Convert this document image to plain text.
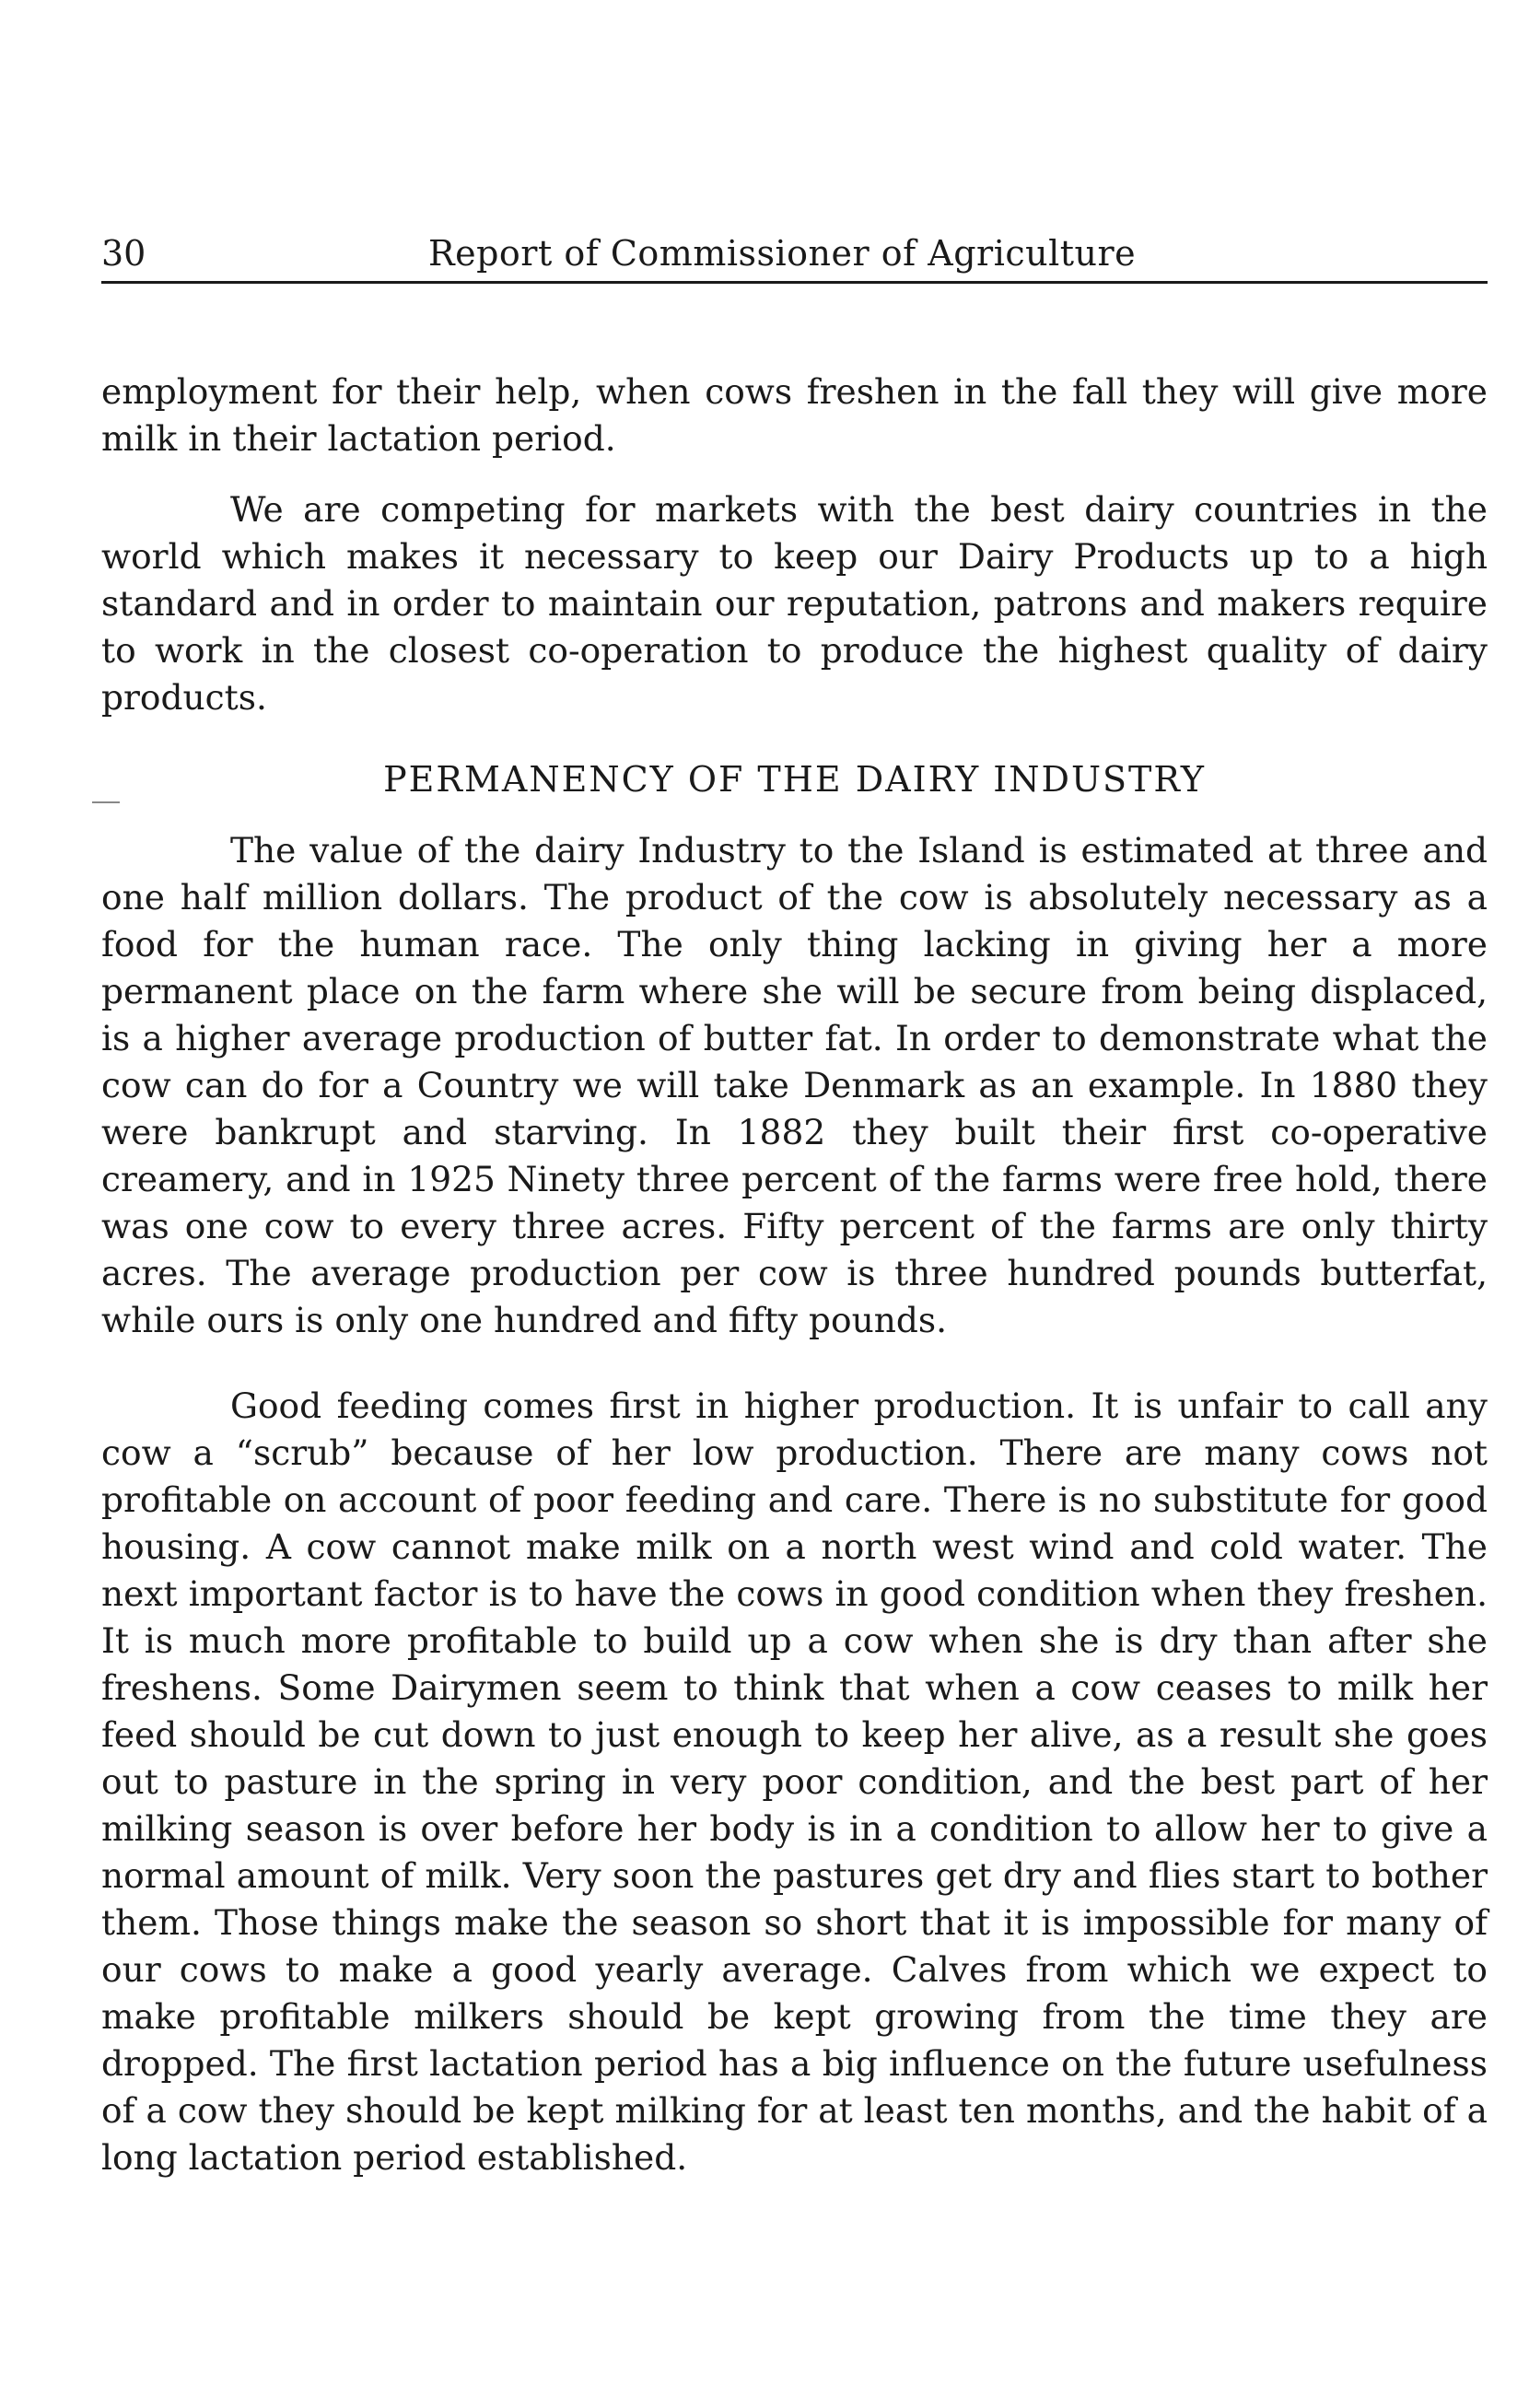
30	Report of Commissioner of Agriculture

employment for their help, when cows freshen in the fall they will give more milk in their lactation period.

We are competing for markets with the best dairy countries in the world which makes it necessary to keep our Dairy Products up to a high standard and in order to maintain our reputation, patrons and makers require to work in the closest co-operation to produce the highest quality of dairy products.

PERMANENCY OF THE DAIRY INDUSTRY

The value of the dairy Industry to the Island is estimated at three and one half million dollars. The product of the cow is absolutely necessary as a food for the human race. The only thing lacking in giving her a more permanent place on the farm where she will be secure from being displaced, is a higher average production of butter fat. In order to demonstrate what the cow can do for a Country we will take Denmark as an example. In 1880 they were bankrupt and starving. In 1882 they built their first co-operative creamery, and in 1925 Ninety three percent of the farms were free hold, there was one cow to every three acres. Fifty percent of the farms are only thirty acres. The average production per cow is three hundred pounds butterfat, while ours is only one hundred and fifty pounds.

Good feeding comes first in higher production. It is unfair to call any cow a “scrub” because of her low production. There are many cows not profitable on account of poor feeding and care. There is no substitute for good housing. A cow cannot make milk on a north west wind and cold water. The next important factor is to have the cows in good condition when they freshen. It is much more profitable to build up a cow when she is dry than after she freshens. Some Dairymen seem to think that when a cow ceases to milk her feed should be cut down to just enough to keep her alive, as a result she goes out to pasture in the spring in very poor condition, and the best part of her milking season is over before her body is in a condition to allow her to give a normal amount of milk. Very soon the pastures get dry and flies start to bother them. Those things make the season so short that it is impossible for many of our cows to make a good yearly average. Calves from which we expect to make profitable milkers should be kept growing from the time they are dropped. The first lactation period has a big influence on the future usefulness of a cow they should be kept milking for at least ten months, and the habit of a long lactation period established.
